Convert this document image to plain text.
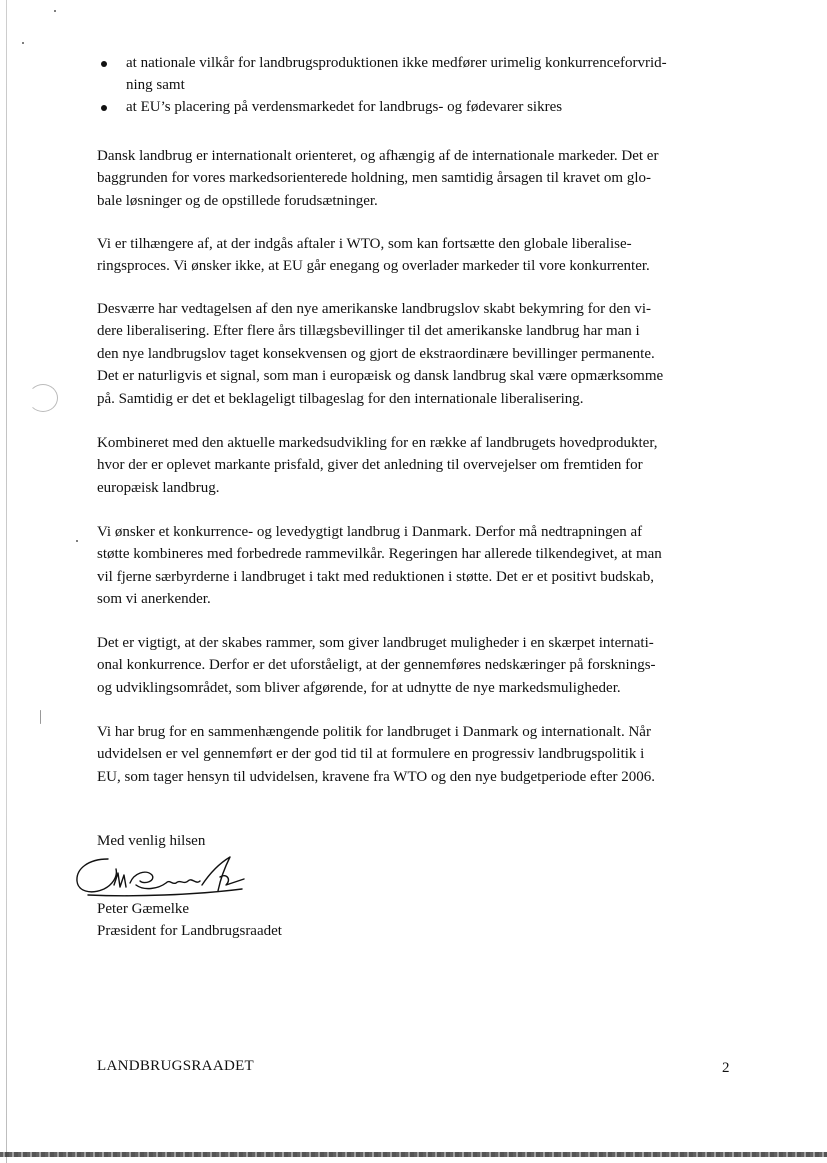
at nationale vilkår for landbrugsproduktionen ikke medfører urimelig konkurrenceforvrid-
ning samt
at EU’s placering på verdensmarkedet for landbrugs- og fødevarer sikres
Dansk landbrug er internationalt orienteret, og afhængig af de internationale markeder. Det er
baggrunden for vores markedsorienterede holdning, men samtidig årsagen til kravet om glo-
bale løsninger og de opstillede forudsætninger.
Vi er tilhængere af, at der indgås aftaler i WTO, som kan fortsætte den globale liberalise-
ringsproces. Vi ønsker ikke, at EU går enegang og overlader markeder til vore konkurrenter.
Desværre har vedtagelsen af den nye amerikanske landbrugslov skabt bekymring for den vi-
dere liberalisering. Efter flere års tillægsbevillinger til det amerikanske landbrug har man i
den nye landbrugslov taget konsekvensen og gjort de ekstraordinære bevillinger permanente.
Det er naturligvis et signal, som man i europæisk og dansk landbrug skal være opmærksomme
på. Samtidig er det et beklageligt tilbageslag for den internationale liberalisering.
Kombineret med den aktuelle markedsudvikling for en række af landbrugets hovedprodukter,
hvor der er oplevet markante prisfald, giver det anledning til overvejelser om fremtiden for
europæisk landbrug.
Vi ønsker et konkurrence- og levedygtigt landbrug i Danmark. Derfor må nedtrapningen af
støtte kombineres med forbedrede rammevilkår. Regeringen har allerede tilkendegivet, at man
vil fjerne særbyrderne i landbruget i takt med reduktionen i støtte. Det er et positivt budskab,
som vi anerkender.
Det er vigtigt, at der skabes rammer, som giver landbruget muligheder i en skærpet internati-
onal konkurrence. Derfor er det uforståeligt, at der gennemføres nedskæringer på forsknings-
og udviklingsområdet, som bliver afgørende, for at udnytte de nye markedsmuligheder.
Vi har brug for en sammenhængende politik for landbruget i Danmark og internationalt. Når
udvidelsen er vel gennemført er der god tid til at formulere en progressiv landbrugspolitik i
EU, som tager hensyn til udvidelsen, kravene fra WTO og den nye budgetperiode efter 2006.
Med venlig hilsen
Peter Gæmelke
Præsident for Landbrugsraadet
LANDBRUGSRAADET	2
